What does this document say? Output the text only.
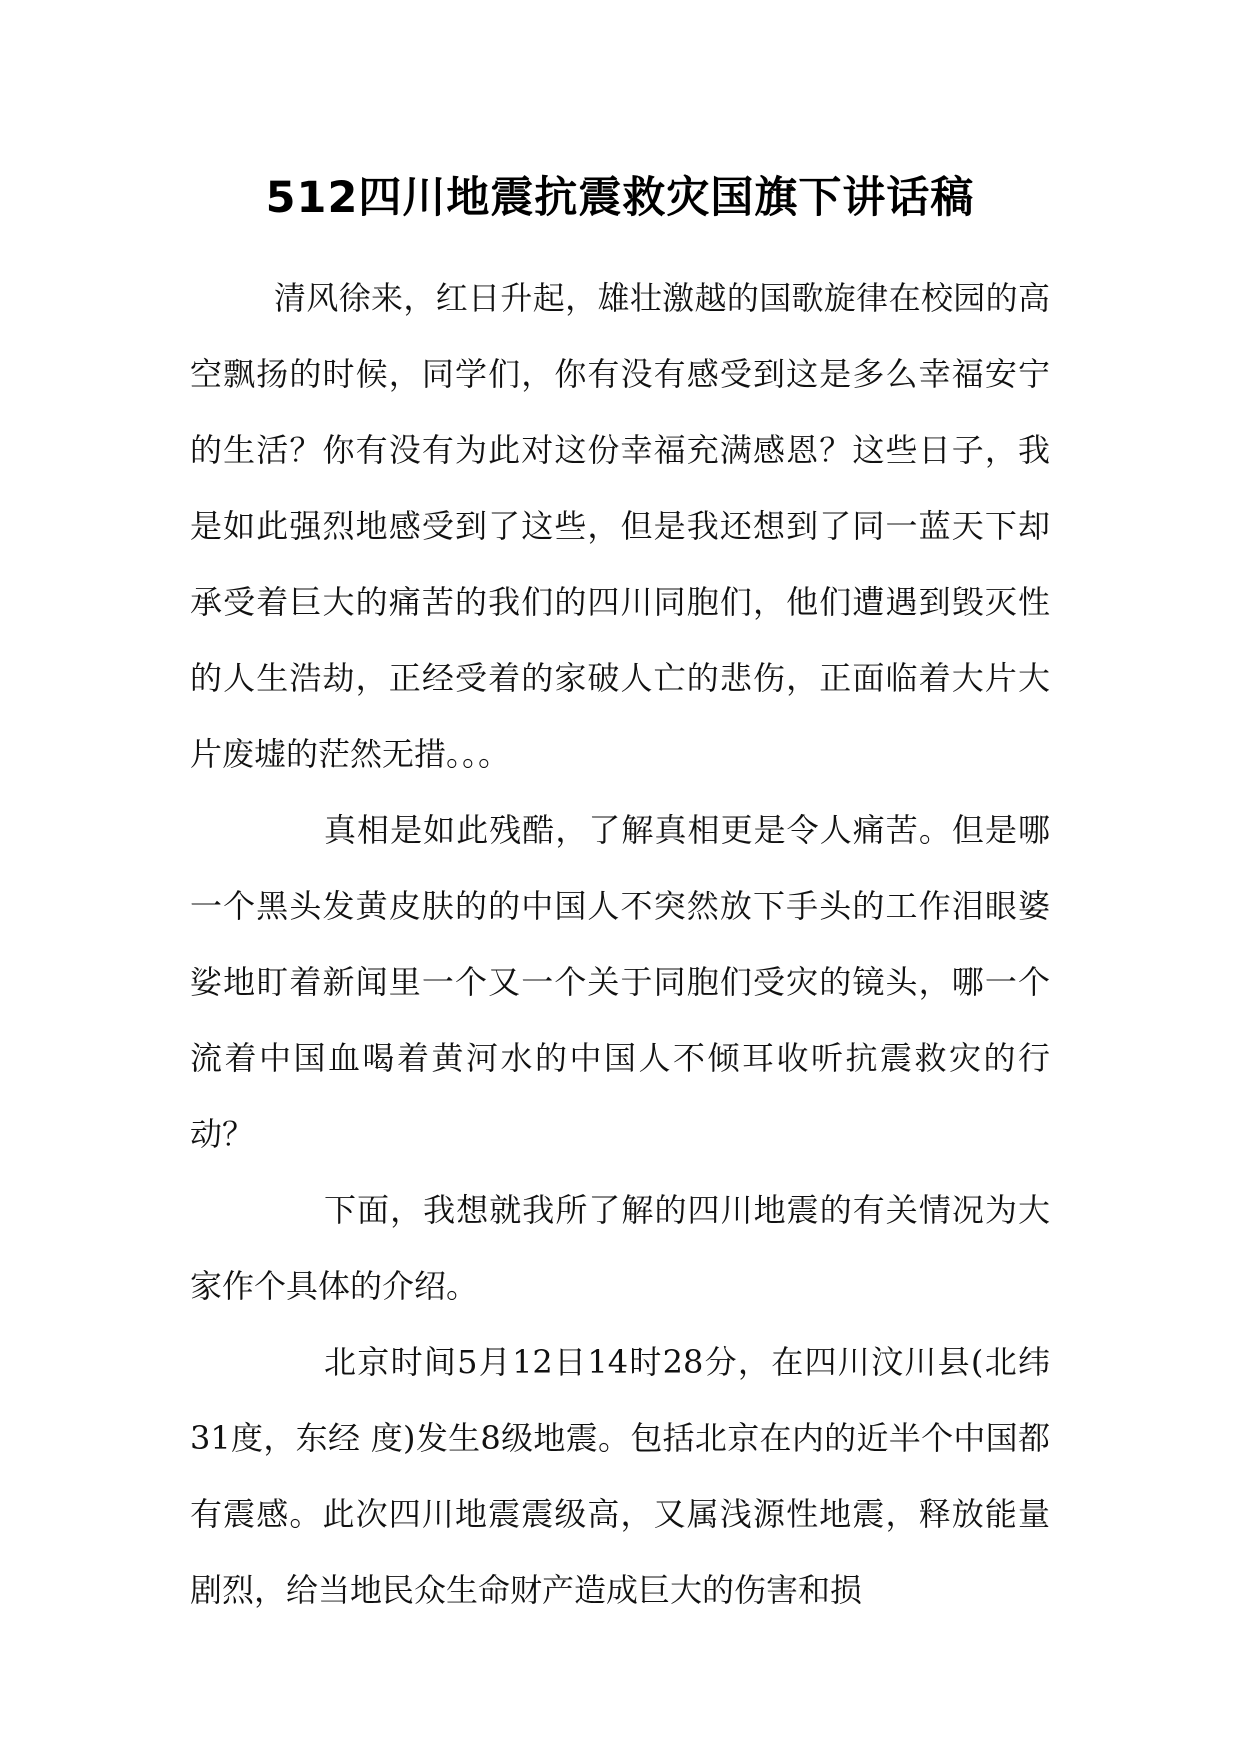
512四川地震抗震救灾国旗下讲话稿

清风徐来，红日升起，雄壮激越的国歌旋律在校园的高空飘扬的时候，同学们，你有没有感受到这是多么幸福安宁的生活？你有没有为此对这份幸福充满感恩？这些日子，我是如此强烈地感受到了这些，但是我还想到了同一蓝天下却承受着巨大的痛苦的我们的四川同胞们，他们遭遇到毁灭性的人生浩劫，正经受着的家破人亡的悲伤，正面临着大片大片废墟的茫然无措。。。

真相是如此残酷，了解真相更是令人痛苦。但是哪一个黑头发黄皮肤的的中国人不突然放下手头的工作泪眼婆娑地盯着新闻里一个又一个关于同胞们受灾的镜头，哪一个流着中国血喝着黄河水的中国人不倾耳收听抗震救灾的行动？

下面，我想就我所了解的四川地震的有关情况为大家作个具体的介绍。

北京时间5月12日14时28分，在四川汶川县(北纬31度，东经 度)发生8级地震。包括北京在内的近半个中国都有震感。此次四川地震震级高，又属浅源性地震，释放能量剧烈，给当地民众生命财产造成巨大的伤害和损
